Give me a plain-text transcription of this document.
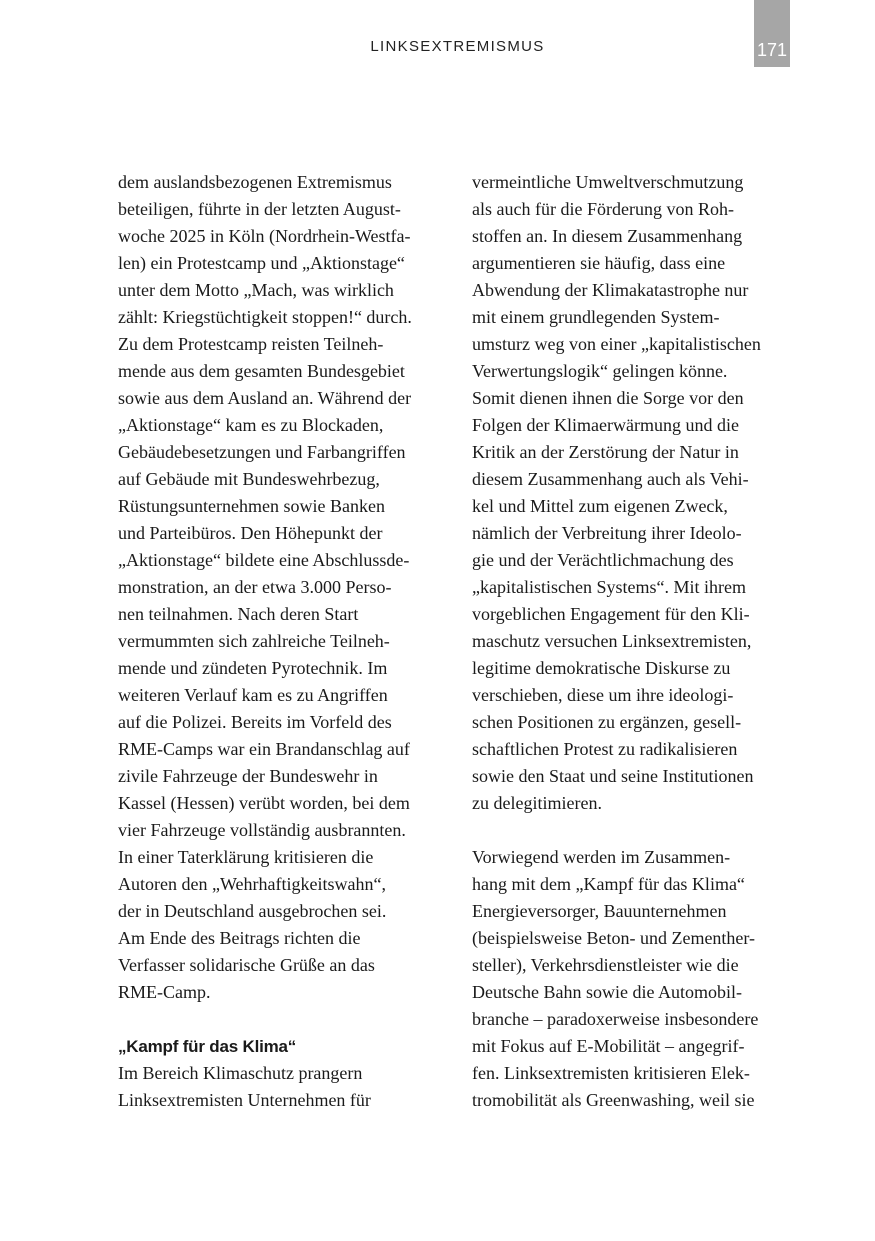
LINKSEXTREMISMUS	171
dem auslandsbezogenen Extremismus
beteiligen, führte in der letzten August-
woche 2025 in Köln (Nordrhein-Westfa-
len) ein Protestcamp und „Aktionstage“
unter dem Motto „Mach, was wirklich
zählt: Kriegstüchtigkeit stoppen!“ durch.
Zu dem Protestcamp reisten Teilneh-
mende aus dem gesamten Bundesgebiet
sowie aus dem Ausland an. Während der
„Aktionstage“ kam es zu Blockaden,
Gebäudebesetzungen und Farbangriffen
auf Gebäude mit Bundeswehrbezug,
Rüstungsunternehmen sowie Banken
und Parteibüros. Den Höhepunkt der
„Aktionstage“ bildete eine Abschlussde-
monstration, an der etwa 3.000 Perso-
nen teilnahmen. Nach deren Start
vermummten sich zahlreiche Teilneh-
mende und zündeten Pyrotechnik. Im
weiteren Verlauf kam es zu Angriffen
auf die Polizei. Bereits im Vorfeld des
RME-Camps war ein Brandanschlag auf
zivile Fahrzeuge der Bundeswehr in
Kassel (Hessen) verübt worden, bei dem
vier Fahrzeuge vollständig ausbrannten.
In einer Taterklärung kritisieren die
Autoren den „Wehrhaftigkeitswahn“,
der in Deutschland ausgebrochen sei.
Am Ende des Beitrags richten die
Verfasser solidarische Grüße an das
RME-Camp.
„Kampf für das Klima“
Im Bereich Klimaschutz prangern
Linksextremisten Unternehmen für
vermeintliche Umweltverschmutzung
als auch für die Förderung von Roh-
stoffen an. In diesem Zusammenhang
argumentieren sie häufig, dass eine
Abwendung der Klimakatastrophe nur
mit einem grundlegenden System-
umsturz weg von einer „kapitalistischen
Verwertungslogik“ gelingen könne.
Somit dienen ihnen die Sorge vor den
Folgen der Klimaerwärmung und die
Kritik an der Zerstörung der Natur in
diesem Zusammenhang auch als Vehi-
kel und Mittel zum eigenen Zweck,
nämlich der Verbreitung ihrer Ideolo-
gie und der Verächtlichmachung des
„kapitalistischen Systems“. Mit ihrem
vorgeblichen Engagement für den Kli-
maschutz versuchen Linksextremisten,
legitime demokratische Diskurse zu
verschieben, diese um ihre ideologi-
schen Positionen zu ergänzen, gesell-
schaftlichen Protest zu radikalisieren
sowie den Staat und seine Institutionen
zu delegitimieren.
Vorwiegend werden im Zusammen-
hang mit dem „Kampf für das Klima“
Energieversorger, Bauunternehmen
(beispielsweise Beton- und Zementher-
steller), Verkehrsdienstleister wie die
Deutsche Bahn sowie die Automobil-
branche – paradoxerweise insbesondere
mit Fokus auf E-Mobilität – angegrif-
fen. Linksextremisten kritisieren Elek-
tromobilität als Greenwashing, weil sie
